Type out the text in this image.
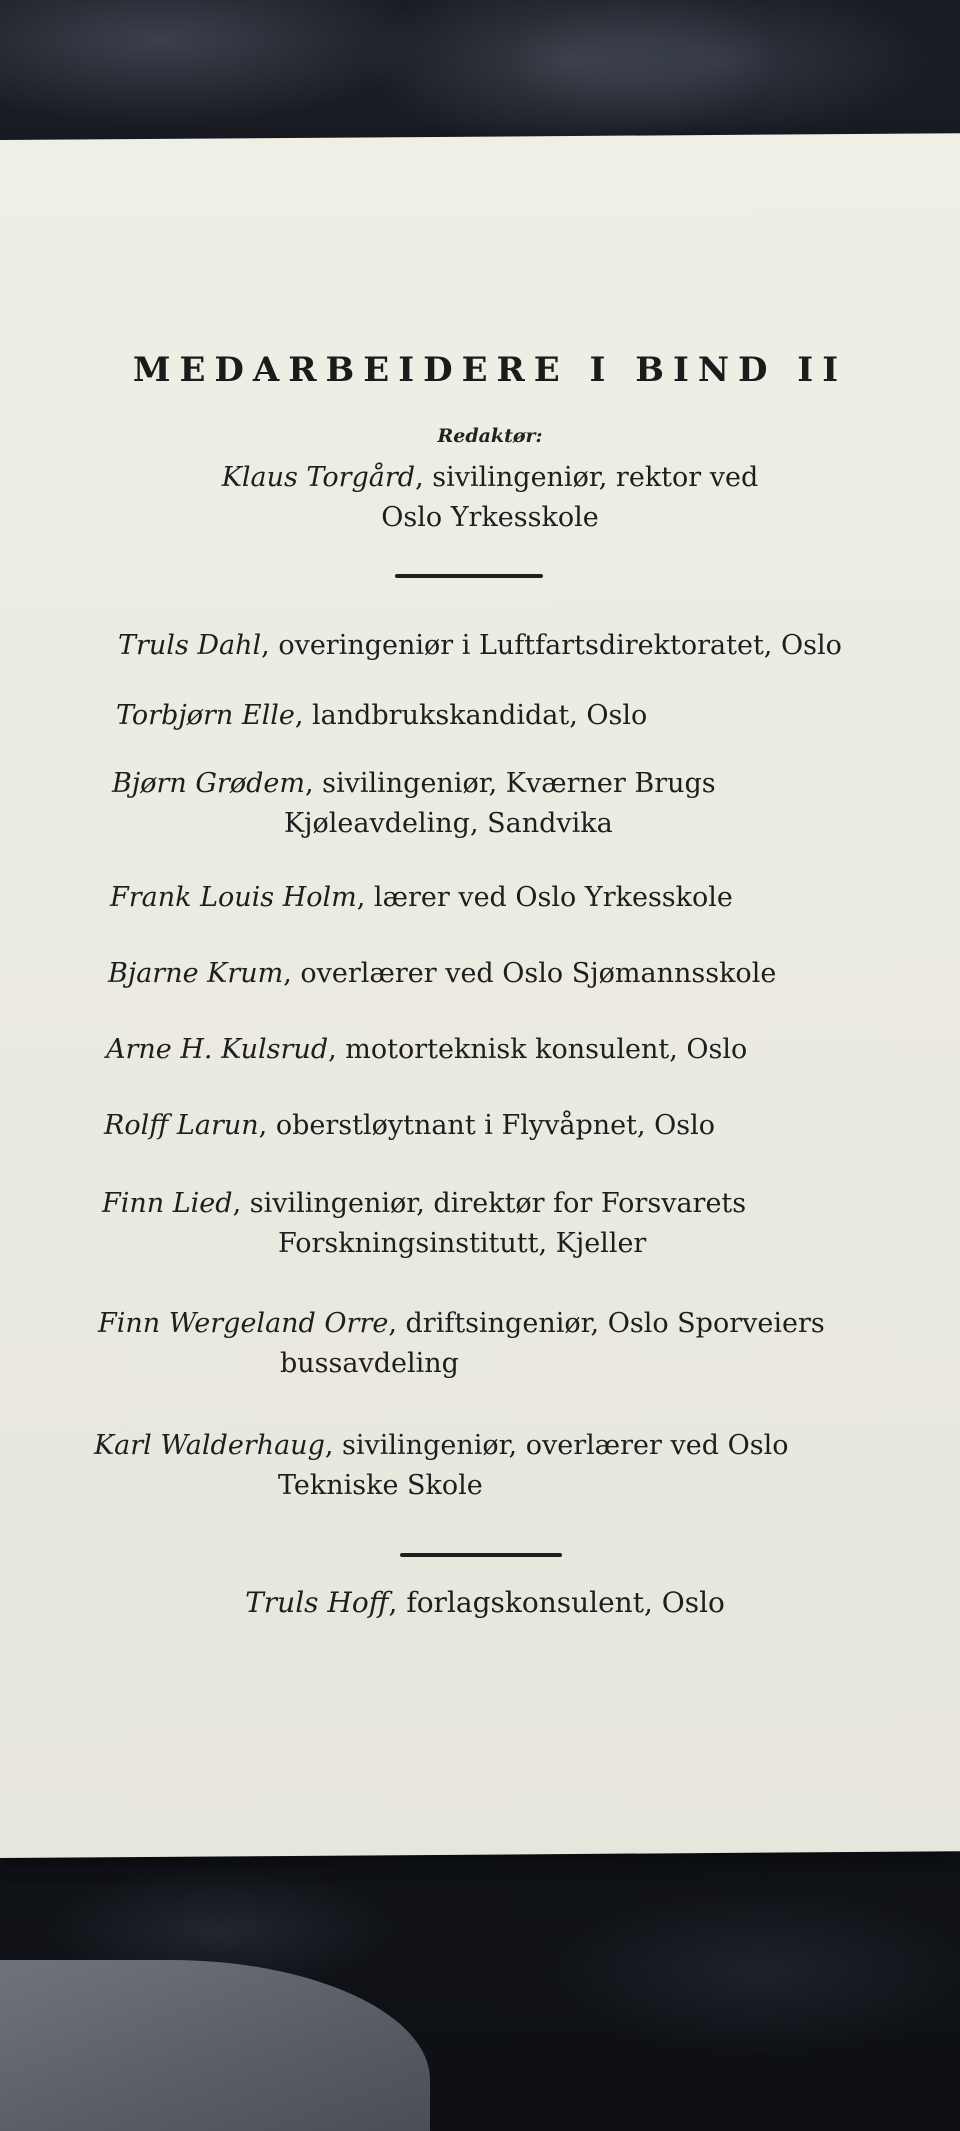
MEDARBEIDERE I BIND II
Redaktør:
Klaus Torgård, sivilingeniør, rektor ved
Oslo Yrkesskole
Truls Dahl, overingeniør i Luftfartsdirektoratet, Oslo
Torbjørn Elle, landbrukskandidat, Oslo
Bjørn Grødem, sivilingeniør, Kværner Brugs
Kjøleavdeling, Sandvika
Frank Louis Holm, lærer ved Oslo Yrkesskole
Bjarne Krum, overlærer ved Oslo Sjømannsskole
Arne H. Kulsrud, motorteknisk konsulent, Oslo
Rolff Larun, oberstløytnant i Flyvåpnet, Oslo
Finn Lied, sivilingeniør, direktør for Forsvarets
Forskningsinstitutt, Kjeller
Finn Wergeland Orre, driftsingeniør, Oslo Sporveiers
bussavdeling
Karl Walderhaug, sivilingeniør, overlærer ved Oslo
Tekniske Skole
Truls Hoff, forlagskonsulent, Oslo
